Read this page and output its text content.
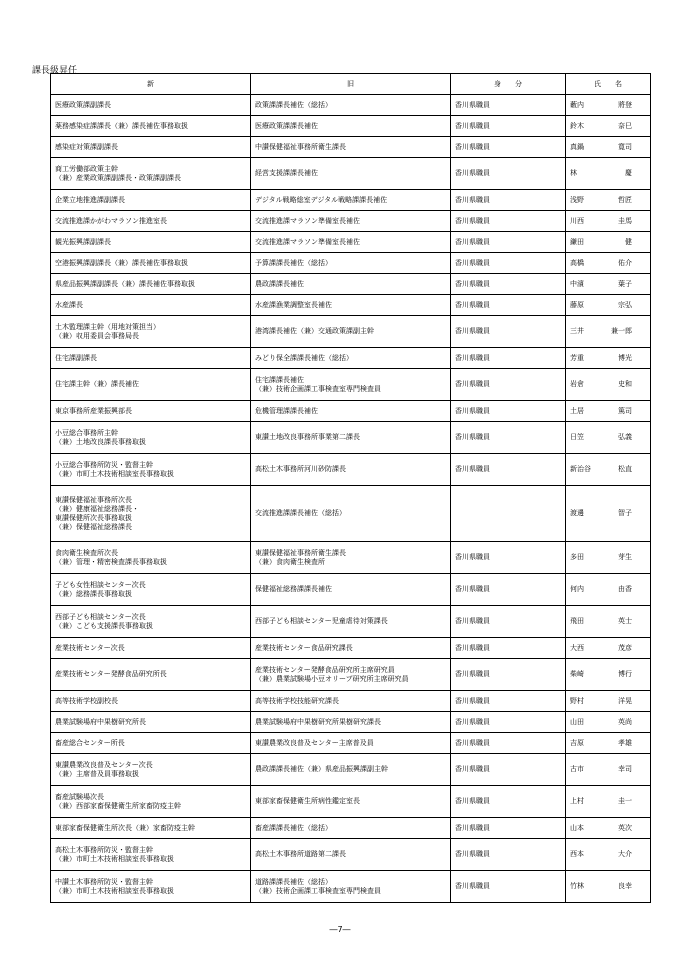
課長級昇任
新	旧	身　　分	氏　　名
医療政策課副課長	政策課課長補佐（総括）	香川県職員	藪内 將登

薬務感染症課課長（兼）課長補佐事務取扱	医療政策課課長補佐	香川県職員	鈴木 奈巳

感染症対策課副課長	中讃保健福祉事務所衛生課長	香川県職員	真鍋 寛司

商工労働部政策主幹
（兼）産業政策課副課長・政策課副課長	経営支援課課長補佐	香川県職員	林 慶

企業立地推進課副課長	デジタル戦略総室デジタル戦略課課長補佐	香川県職員	浅野 哲匠

交流推進課かがわマラソン推進室長	交流推進課マラソン準備室長補佐	香川県職員	川西 圭馬

観光振興課副課長	交流推進課マラソン準備室長補佐	香川県職員	鎌田 健

空港振興課副課長（兼）課長補佐事務取扱	予算課課長補佐（総括）	香川県職員	高橋 佑介

県産品振興課副課長（兼）課長補佐事務取扱	農政課課長補佐	香川県職員	中濱 葉子

水産課長	水産課漁業調整室長補佐	香川県職員	藤原 宗弘

土木監理課主幹（用地対策担当）
（兼）収用委員会事務局長	港湾課長補佐（兼）交通政策課副主幹	香川県職員	三井 兼一郎

住宅課副課長	みどり保全課課長補佐（総括）	香川県職員	芳重 博光

住宅課主幹（兼）課長補佐	住宅課課長補佐
（兼）技術企画課工事検査室専門検査員	香川県職員	岩倉 史和

東京事務所産業振興部長	危機管理課課長補佐	香川県職員	土居 篤司

小豆総合事務所主幹
（兼）土地改良課長事務取扱	東讃土地改良事務所事業第二課長	香川県職員	日笠 弘義

小豆総合事務所防災・監督主幹
（兼）市町土木技術相談室長事務取扱	高松土木事務所河川砂防課長	香川県職員	新治谷 松直

東讃保健福祉事務所次長
（兼）健康福祉総務課長・
東讃保健所次長事務取扱
（兼）保健福祉総務課長	交流推進課課長補佐（総括）		渡邊 智子

食肉衛生検査所次長
（兼）管理・精密検査課長事務取扱	東讃保健福祉事務所衛生課長
（兼）食肉衛生検査所	香川県職員	多田 芽生

子ども女性相談センター次長
（兼）総務課長事務取扱	保健福祉総務課課長補佐	香川県職員	何内 由香

西部子ども相談センター次長
（兼）こども支援課長事務取扱	西部子ども相談センター児童虐待対策課長	香川県職員	飛田 英士

産業技術センター次長	産業技術センター食品研究課長	香川県職員	大西 茂彦

産業技術センター発酵食品研究所長	産業技術センター発酵食品研究所主席研究員
（兼）農業試験場小豆オリーブ研究所主席研究員	香川県職員	柴崎 博行

高等技術学校副校長	高等技術学校技能研究課長	香川県職員	野村 洋晃

農業試験場府中果樹研究所長	農業試験場府中果樹研究所果樹研究課長	香川県職員	山田 英尚

畜産総合センター所長	東讃農業改良普及センター主席普及員	香川県職員	吉原 孝雄

東讃農業改良普及センター次長
（兼）主席普及員事務取扱	農政課課長補佐（兼）県産品振興課副主幹	香川県職員	古市 幸司

畜産試験場次長
（兼）西部家畜保健衛生所家畜防疫主幹	東部家畜保健衛生所病性鑑定室長	香川県職員	上村 圭一

東部家畜保健衛生所次長（兼）家畜防疫主幹	畜産課課長補佐（総括）	香川県職員	山本 英次

高松土木事務所防災・監督主幹
（兼）市町土木技術相談室長事務取扱	高松土木事務所道路第二課長	香川県職員	西本 大介

中讃土木事務所防災・監督主幹
（兼）市町土木技術相談室長事務取扱	道路課課長補佐（総括）
（兼）技術企画課工事検査室専門検査員	香川県職員	竹林 良幸
―7―
